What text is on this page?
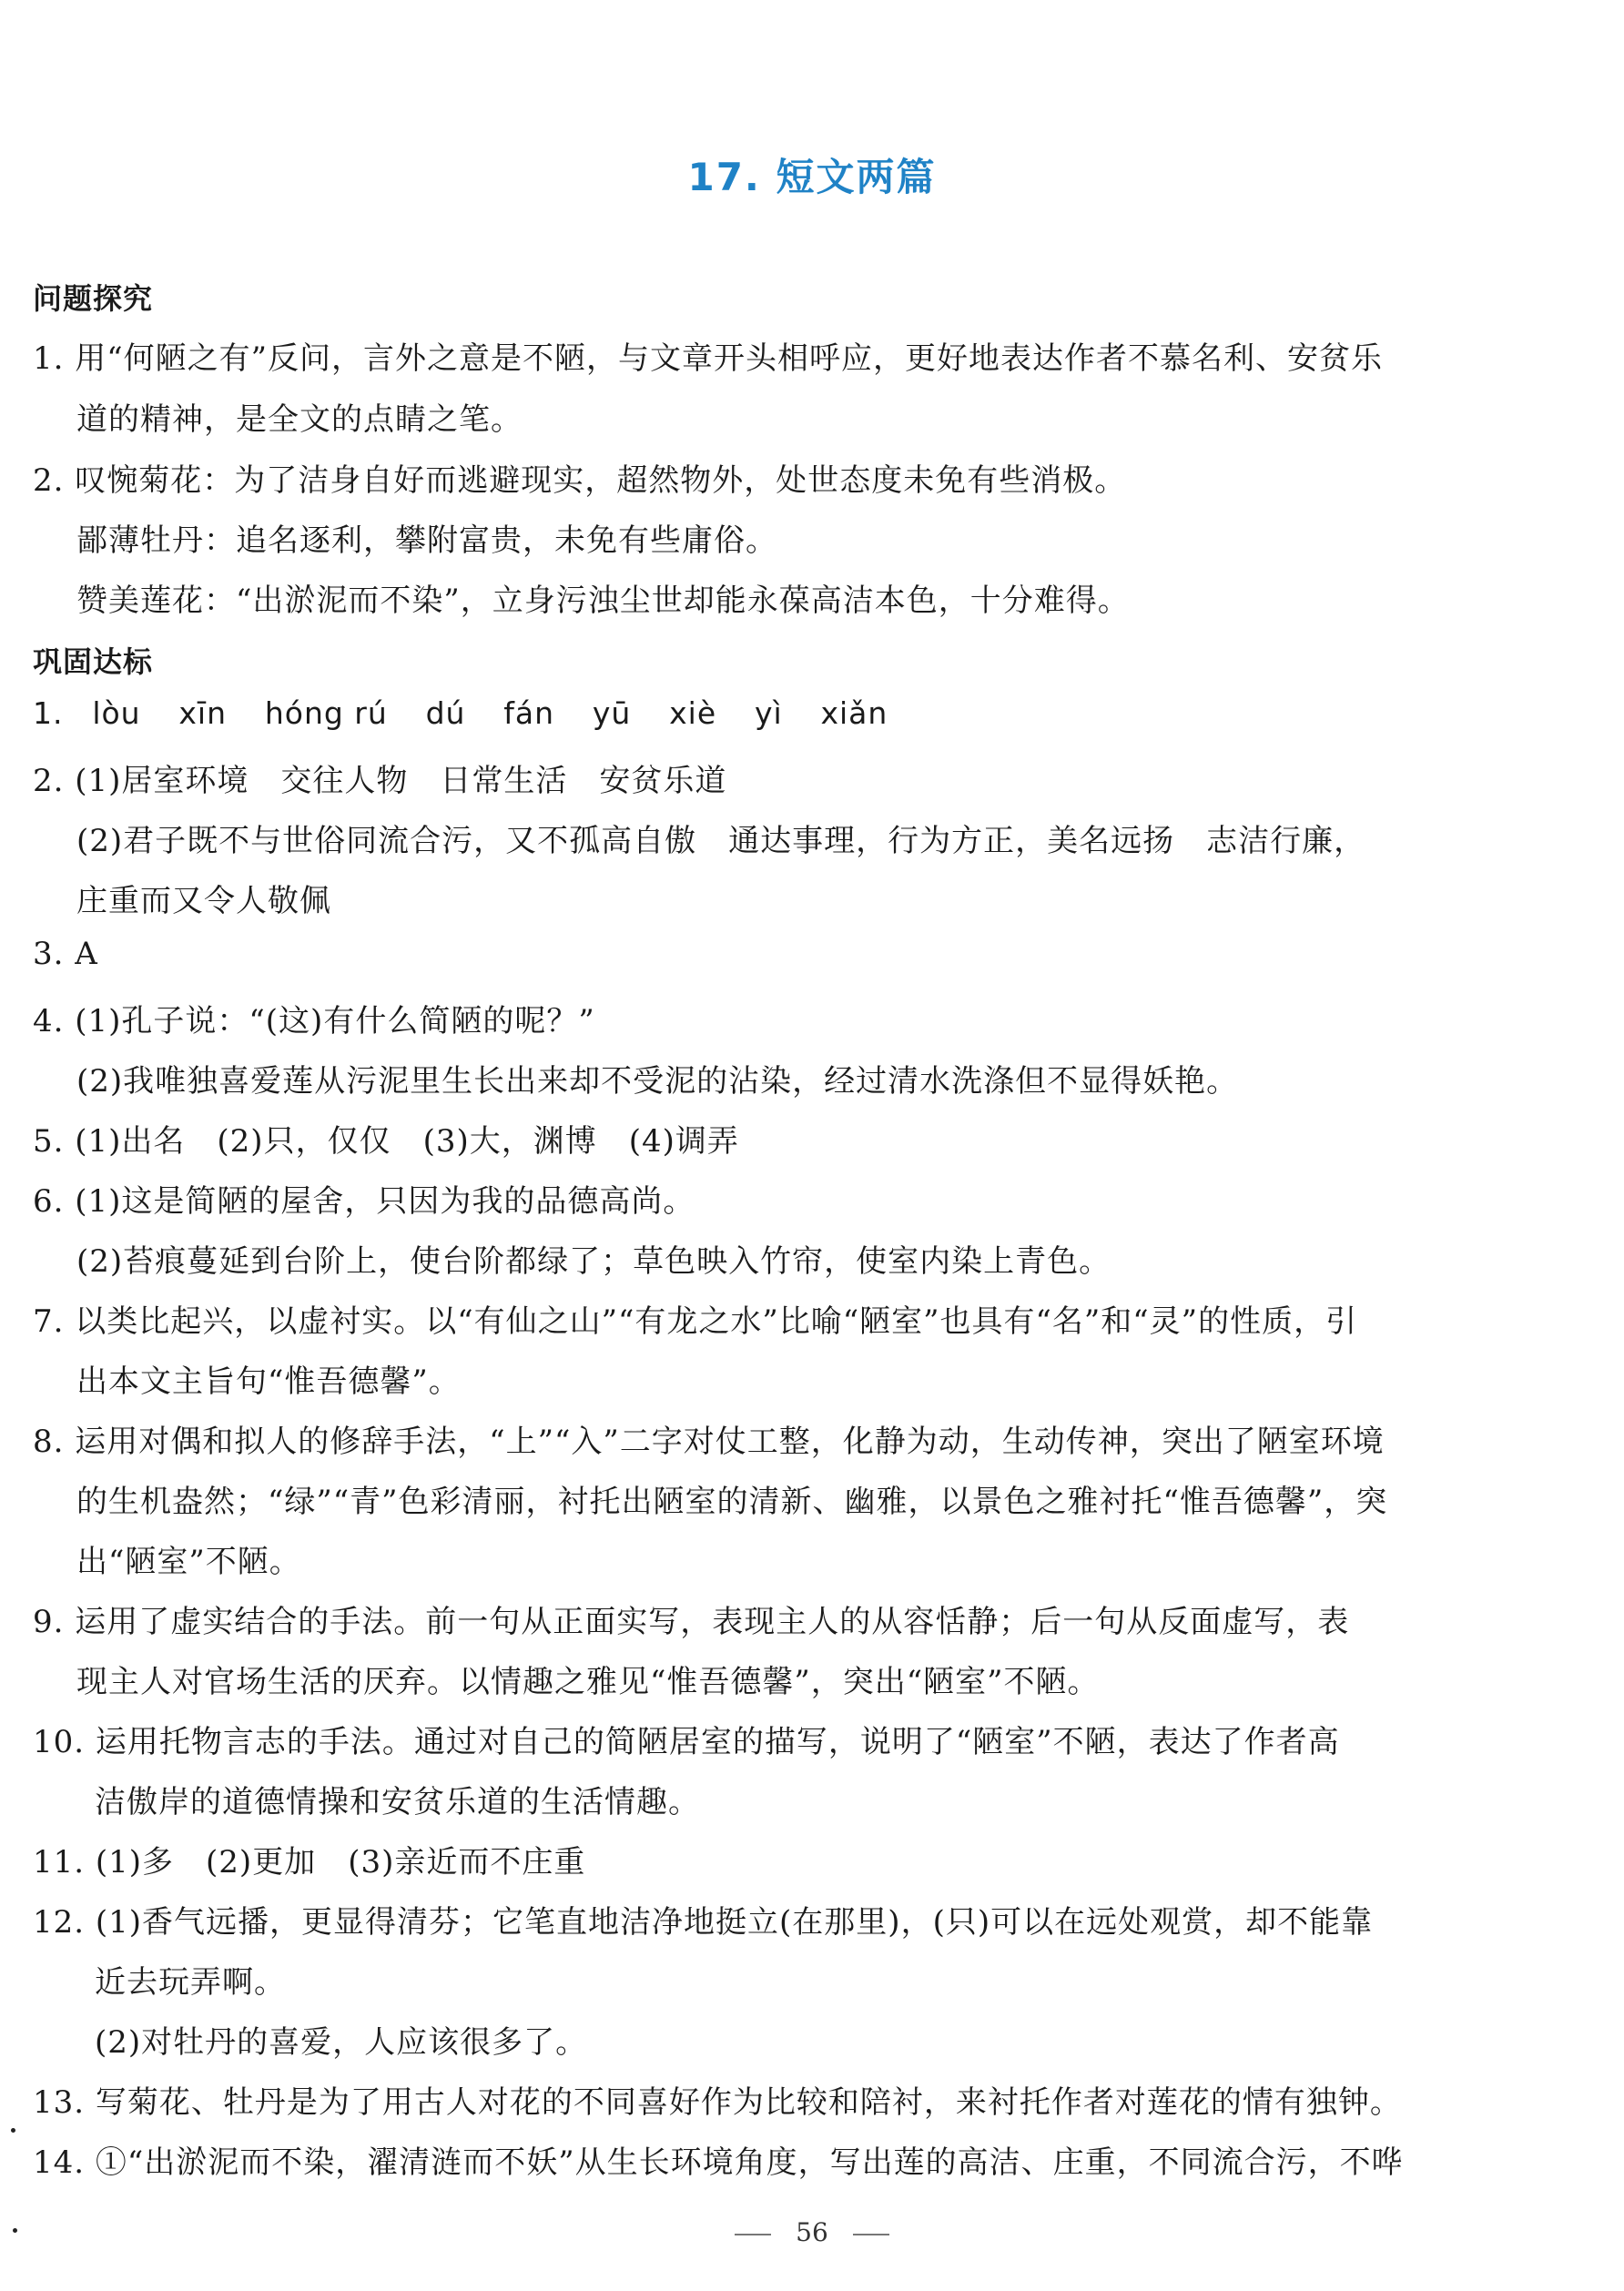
17. 短文两篇
问题探究
1. 用“何陋之有”反问，言外之意是不陋，与文章开头相呼应，更好地表达作者不慕名利、安贫乐
道的精神，是全文的点睛之笔。
2. 叹惋菊花：为了洁身自好而逃避现实，超然物外，处世态度未免有些消极。
鄙薄牡丹：追名逐利，攀附富贵，未免有些庸俗。
赞美莲花：“出淤泥而不染”，立身污浊尘世却能永葆高洁本色，十分难得。
巩固达标
1. lòu xīn hóng rú dú fán yū xiè yì xiǎn
2. (1)居室环境　交往人物　日常生活　安贫乐道
(2)君子既不与世俗同流合污，又不孤高自傲　通达事理，行为方正，美名远扬　志洁行廉，
庄重而又令人敬佩
3. A
4. (1)孔子说：“(这)有什么简陋的呢？”
(2)我唯独喜爱莲从污泥里生长出来却不受泥的沾染，经过清水洗涤但不显得妖艳。
5. (1)出名　(2)只，仅仅　(3)大，渊博　(4)调弄
6. (1)这是简陋的屋舍，只因为我的品德高尚。
(2)苔痕蔓延到台阶上，使台阶都绿了；草色映入竹帘，使室内染上青色。
7. 以类比起兴，以虚衬实。以“有仙之山”“有龙之水”比喻“陋室”也具有“名”和“灵”的性质，引
出本文主旨句“惟吾德馨”。
8. 运用对偶和拟人的修辞手法，“上”“入”二字对仗工整，化静为动，生动传神，突出了陋室环境
的生机盎然；“绿”“青”色彩清丽，衬托出陋室的清新、幽雅，以景色之雅衬托“惟吾德馨”，突
出“陋室”不陋。
9. 运用了虚实结合的手法。前一句从正面实写，表现主人的从容恬静；后一句从反面虚写，表
现主人对官场生活的厌弃。以情趣之雅见“惟吾德馨”，突出“陋室”不陋。
10. 运用托物言志的手法。通过对自己的简陋居室的描写，说明了“陋室”不陋，表达了作者高
洁傲岸的道德情操和安贫乐道的生活情趣。
11. (1)多　(2)更加　(3)亲近而不庄重
12. (1)香气远播，更显得清芬；它笔直地洁净地挺立(在那里)，(只)可以在远处观赏，却不能靠
近去玩弄啊。
(2)对牡丹的喜爱，人应该很多了。
13. 写菊花、牡丹是为了用古人对花的不同喜好作为比较和陪衬，来衬托作者对莲花的情有独钟。
14. ①“出淤泥而不染，濯清涟而不妖”从生长环境角度，写出莲的高洁、庄重，不同流合污，不哗
56
